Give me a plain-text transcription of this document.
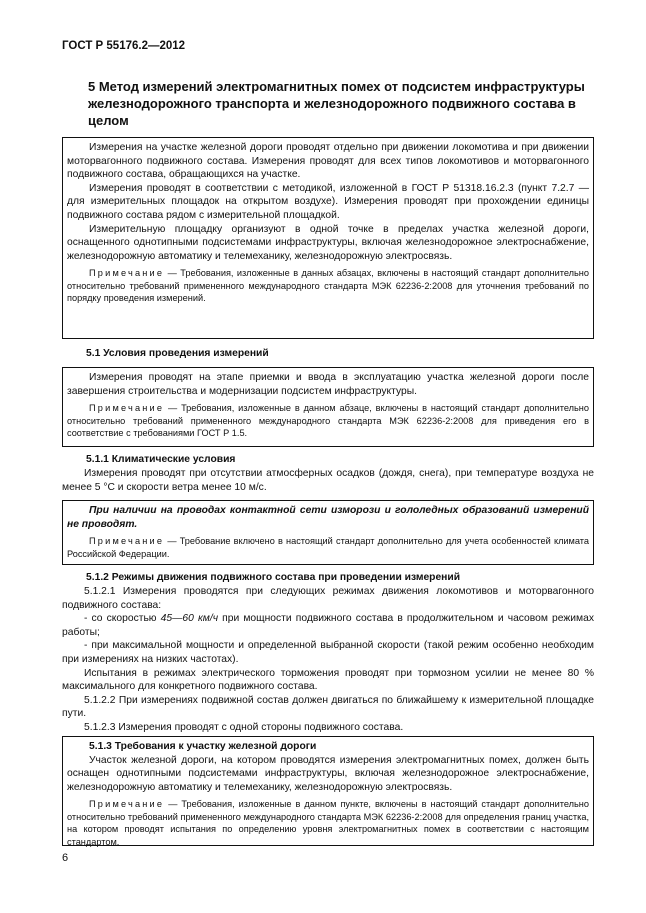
ГОСТ Р 55176.2—2012
5 Метод измерений электромагнитных помех от подсистем инфраструктуры железнодорожного транспорта и железнодорожного подвижного состава в целом

Измерения на участке железной дороги проводят отдельно при движении локомотива и при движении моторвагонного подвижного состава. Измерения проводят для всех типов локомотивов и моторвагонного подвижного состава, обращающихся на участке.

Измерения проводят в соответствии с методикой, изложенной в ГОСТ Р 51318.16.2.3 (пункт 7.2.7 — для измерительных площадок на открытом воздухе). Измерения проводят при прохождении единицы подвижного состава рядом с измерительной площадкой.

Измерительную площадку организуют в одной точке в пределах участка железной дороги, оснащенного однотипными подсистемами инфраструктуры, включая железнодорожное электроснабжение, железнодорожную автоматику и телемеханику, железнодорожную электросвязь.

Примечание — Требования, изложенные в данных абзацах, включены в настоящий стандарт дополнительно относительно требований примененного международного стандарта МЭК 62236-2:2008 для уточнения требований по порядку проведения измерений.

5.1 Условия проведения измерений

Измерения проводят на этапе приемки и ввода в эксплуатацию участка железной дороги после завершения строительства и модернизации подсистем инфраструктуры.

Примечание — Требования, изложенные в данном абзаце, включены в настоящий стандарт дополнительно относительно требований примененного международного стандарта МЭК 62236-2:2008 для приведения его в соответствие с требованиями ГОСТ Р 1.5.

5.1.1 Климатические условия

Измерения проводят при отсутствии атмосферных осадков (дождя, снега), при температуре воздуха не менее 5 °С и скорости ветра менее 10 м/с.

При наличии на проводах контактной сети изморози и гололедных образований измерений не проводят.

Примечание — Требование включено в настоящий стандарт дополнительно для учета особенностей климата Российской Федерации.

5.1.2 Режимы движения подвижного состава при проведении измерений

5.1.2.1 Измерения проводятся при следующих режимах движения локомотивов и моторвагонного подвижного состава:

- со скоростью 45—60 км/ч при мощности подвижного состава в продолжительном и часовом режимах работы;

- при максимальной мощности и определенной выбранной скорости (такой режим особенно необходим при измерениях на низких частотах).

Испытания в режимах электрического торможения проводят при тормозном усилии не менее 80 % максимального для конкретного подвижного состава.

5.1.2.2 При измерениях подвижной состав должен двигаться по ближайшему к измерительной площадке пути.

5.1.2.3 Измерения проводят с одной стороны подвижного состава.

5.1.3 Требования к участку железной дороги

Участок железной дороги, на котором проводятся измерения электромагнитных помех, должен быть оснащен однотипными подсистемами инфраструктуры, включая железнодорожное электроснабжение, железнодорожную автоматику и телемеханику, железнодорожную электросвязь.

Примечание — Требования, изложенные в данном пункте, включены в настоящий стандарт дополнительно относительно требований примененного международного стандарта МЭК 62236-2:2008 для определения границ участка, на котором проводят испытания по определению уровня электромагнитных помех в соответствии с настоящим стандартом.

6
